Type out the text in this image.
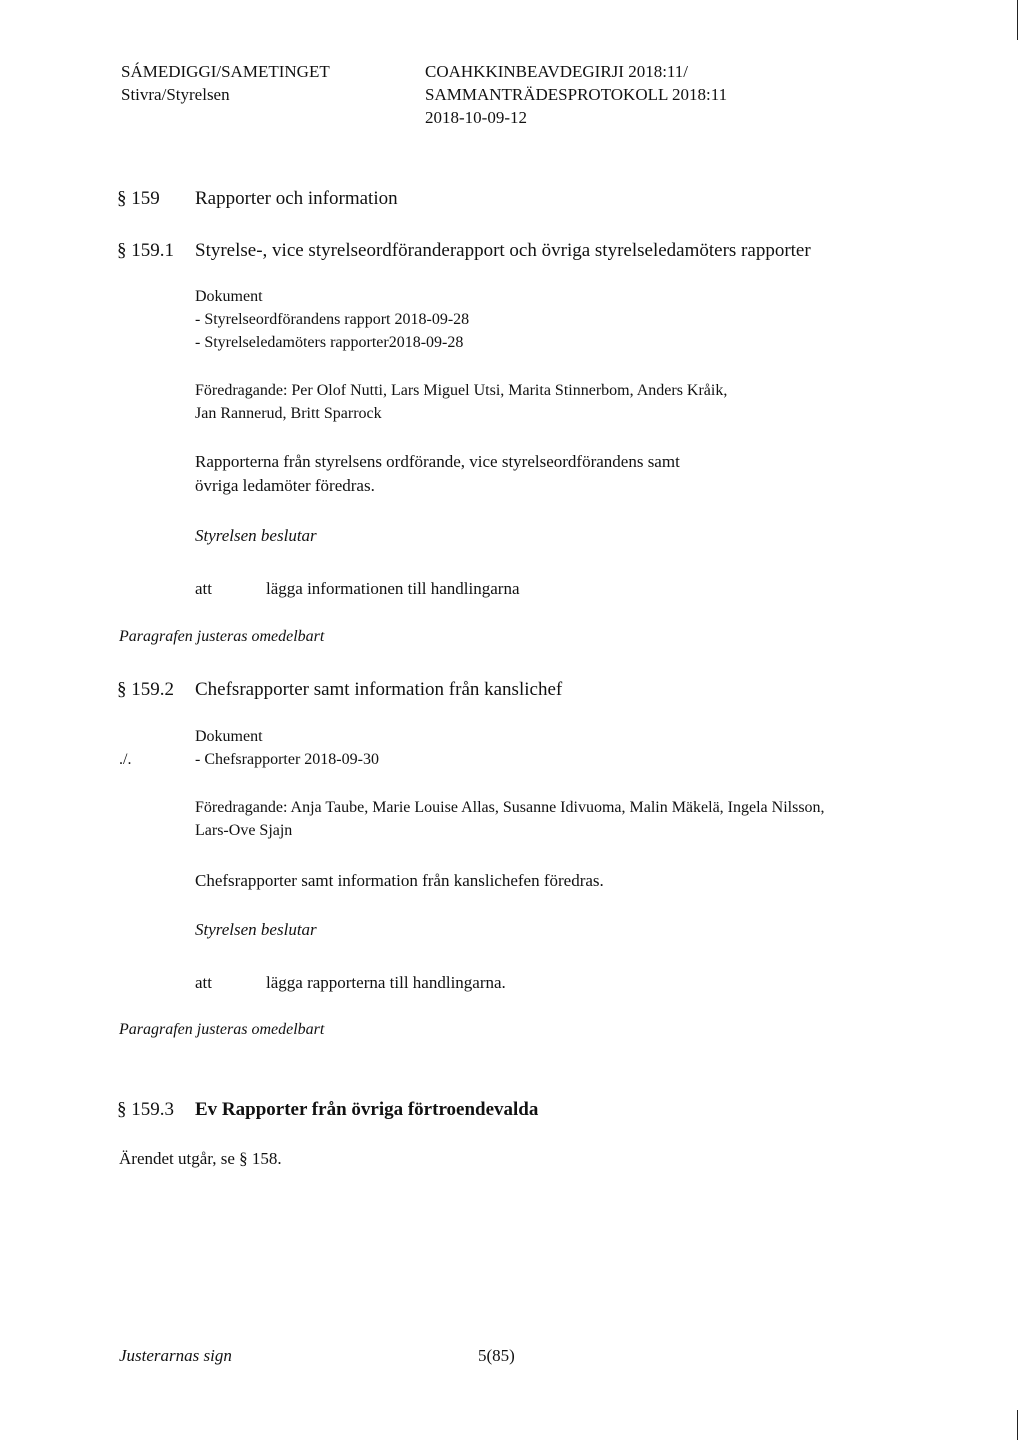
SÁMEDIGGI/SAMETINGET
Stivra/Styrelsen
COAHKKINBEAVDEGIRJI 2018:11/
SAMMANTRÄDESPROTOKOLL 2018:11
2018-10-09-12
§ 159 Rapporter och information
§ 159.1 Styrelse-, vice styrelseordföranderapport och övriga styrelseledamöters rapporter
Dokument
- Styrelseordförandens rapport 2018-09-28
- Styrelseledamöters rapporter2018-09-28
Föredragande: Per Olof Nutti, Lars Miguel Utsi, Marita Stinnerbom, Anders Kråik,
Jan Rannerud, Britt Sparrock
Rapporterna från styrelsens ordförande, vice styrelseordförandens samt
övriga ledamöter föredras.
Styrelsen beslutar
att	lägga informationen till handlingarna
Paragrafen justeras omedelbart
§ 159.2 Chefsrapporter samt information från kanslichef
Dokument
./.	- Chefsrapporter 2018-09-30
Föredragande: Anja Taube, Marie Louise Allas, Susanne Idivuoma, Malin Mäkelä, Ingela Nilsson,
Lars-Ove Sjajn
Chefsrapporter samt information från kanslichefen föredras.
Styrelsen beslutar
att	lägga rapporterna till handlingarna.
Paragrafen justeras omedelbart
§ 159.3 Ev Rapporter från övriga förtroendevalda
Ärendet utgår, se § 158.
Justerarnas sign	5(85)
